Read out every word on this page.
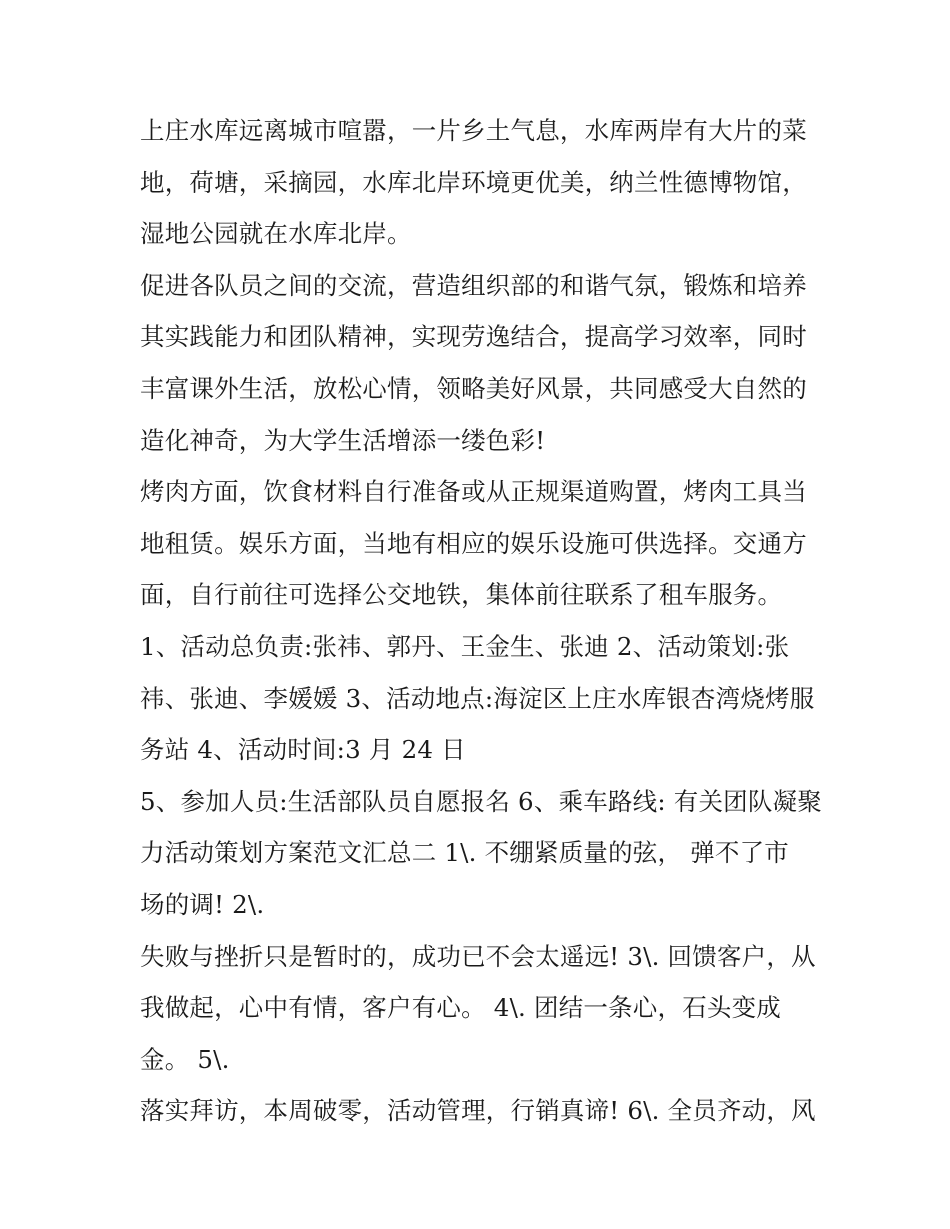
上庄水库远离城市喧嚣，一片乡土气息，水库两岸有大片的菜
地，荷塘，采摘园，水库北岸环境更优美，纳兰性德博物馆，
湿地公园就在水库北岸。
促进各队员之间的交流，营造组织部的和谐气氛，锻炼和培养
其实践能力和团队精神，实现劳逸结合，提高学习效率，同时
丰富课外生活，放松心情，领略美好风景，共同感受大自然的
造化神奇，为大学生活增添一缕色彩!
烤肉方面，饮食材料自行准备或从正规渠道购置，烤肉工具当
地租赁。娱乐方面，当地有相应的娱乐设施可供选择。交通方
面，自行前往可选择公交地铁，集体前往联系了租车服务。
1、活动总负责:张祎、郭丹、王金生、张迪 2、活动策划:张
祎、张迪、李媛媛 3、活动地点:海淀区上庄水库银杏湾烧烤服
务站 4、活动时间:3 月 24 日
5、参加人员:生活部队员自愿报名 6、乘车路线: 有关团队凝聚
力活动策划方案范文汇总二 1\. 不绷紧质量的弦， 弹不了市
场的调! 2\.
失败与挫折只是暂时的，成功已不会太遥远! 3\. 回馈客户，从
我做起，心中有情，客户有心。 4\. 团结一条心，石头变成
金。 5\.
落实拜访，本周破零，活动管理，行销真谛! 6\. 全员齐动，风
